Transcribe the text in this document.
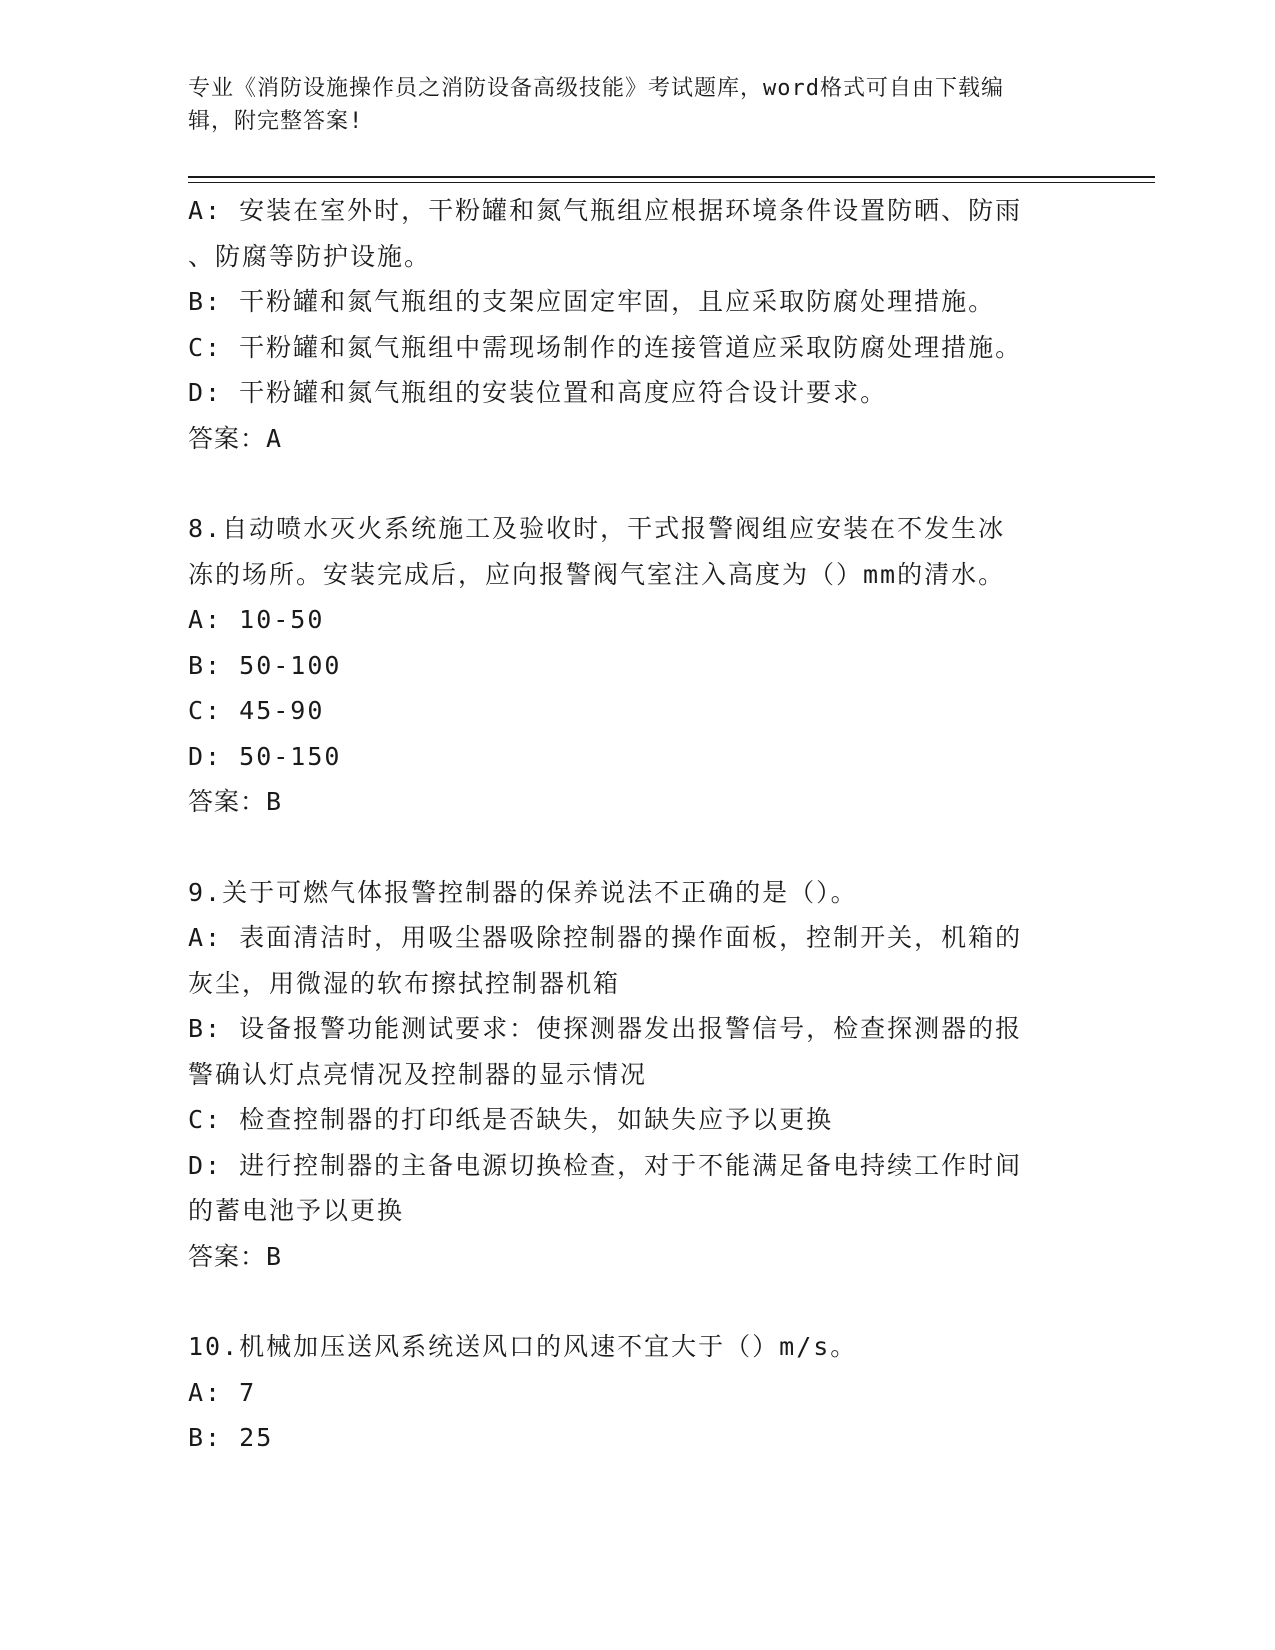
专业《消防设施操作员之消防设备高级技能》考试题库，word格式可自由下载编
辑，附完整答案!

A: 安装在室外时，干粉罐和氮气瓶组应根据环境条件设置防晒、防雨

、防腐等防护设施。

B: 干粉罐和氮气瓶组的支架应固定牢固，且应采取防腐处理措施。

C: 干粉罐和氮气瓶组中需现场制作的连接管道应采取防腐处理措施。

D: 干粉罐和氮气瓶组的安装位置和高度应符合设计要求。

答案：A

8.自动喷水灭火系统施工及验收时，干式报警阀组应安装在不发生冰

冻的场所。安装完成后，应向报警阀气室注入高度为（）mm的清水。

A: 10-50

B: 50-100

C: 45-90

D: 50-150

答案：B

9.关于可燃气体报警控制器的保养说法不正确的是（）。

A: 表面清洁时，用吸尘器吸除控制器的操作面板，控制开关，机箱的

灰尘，用微湿的软布擦拭控制器机箱

B: 设备报警功能测试要求：使探测器发出报警信号，检查探测器的报

警确认灯点亮情况及控制器的显示情况

C: 检查控制器的打印纸是否缺失，如缺失应予以更换

D: 进行控制器的主备电源切换检查，对于不能满足备电持续工作时间

的蓄电池予以更换

答案：B

10.机械加压送风系统送风口的风速不宜大于（）m/s。

A: 7

B: 25
